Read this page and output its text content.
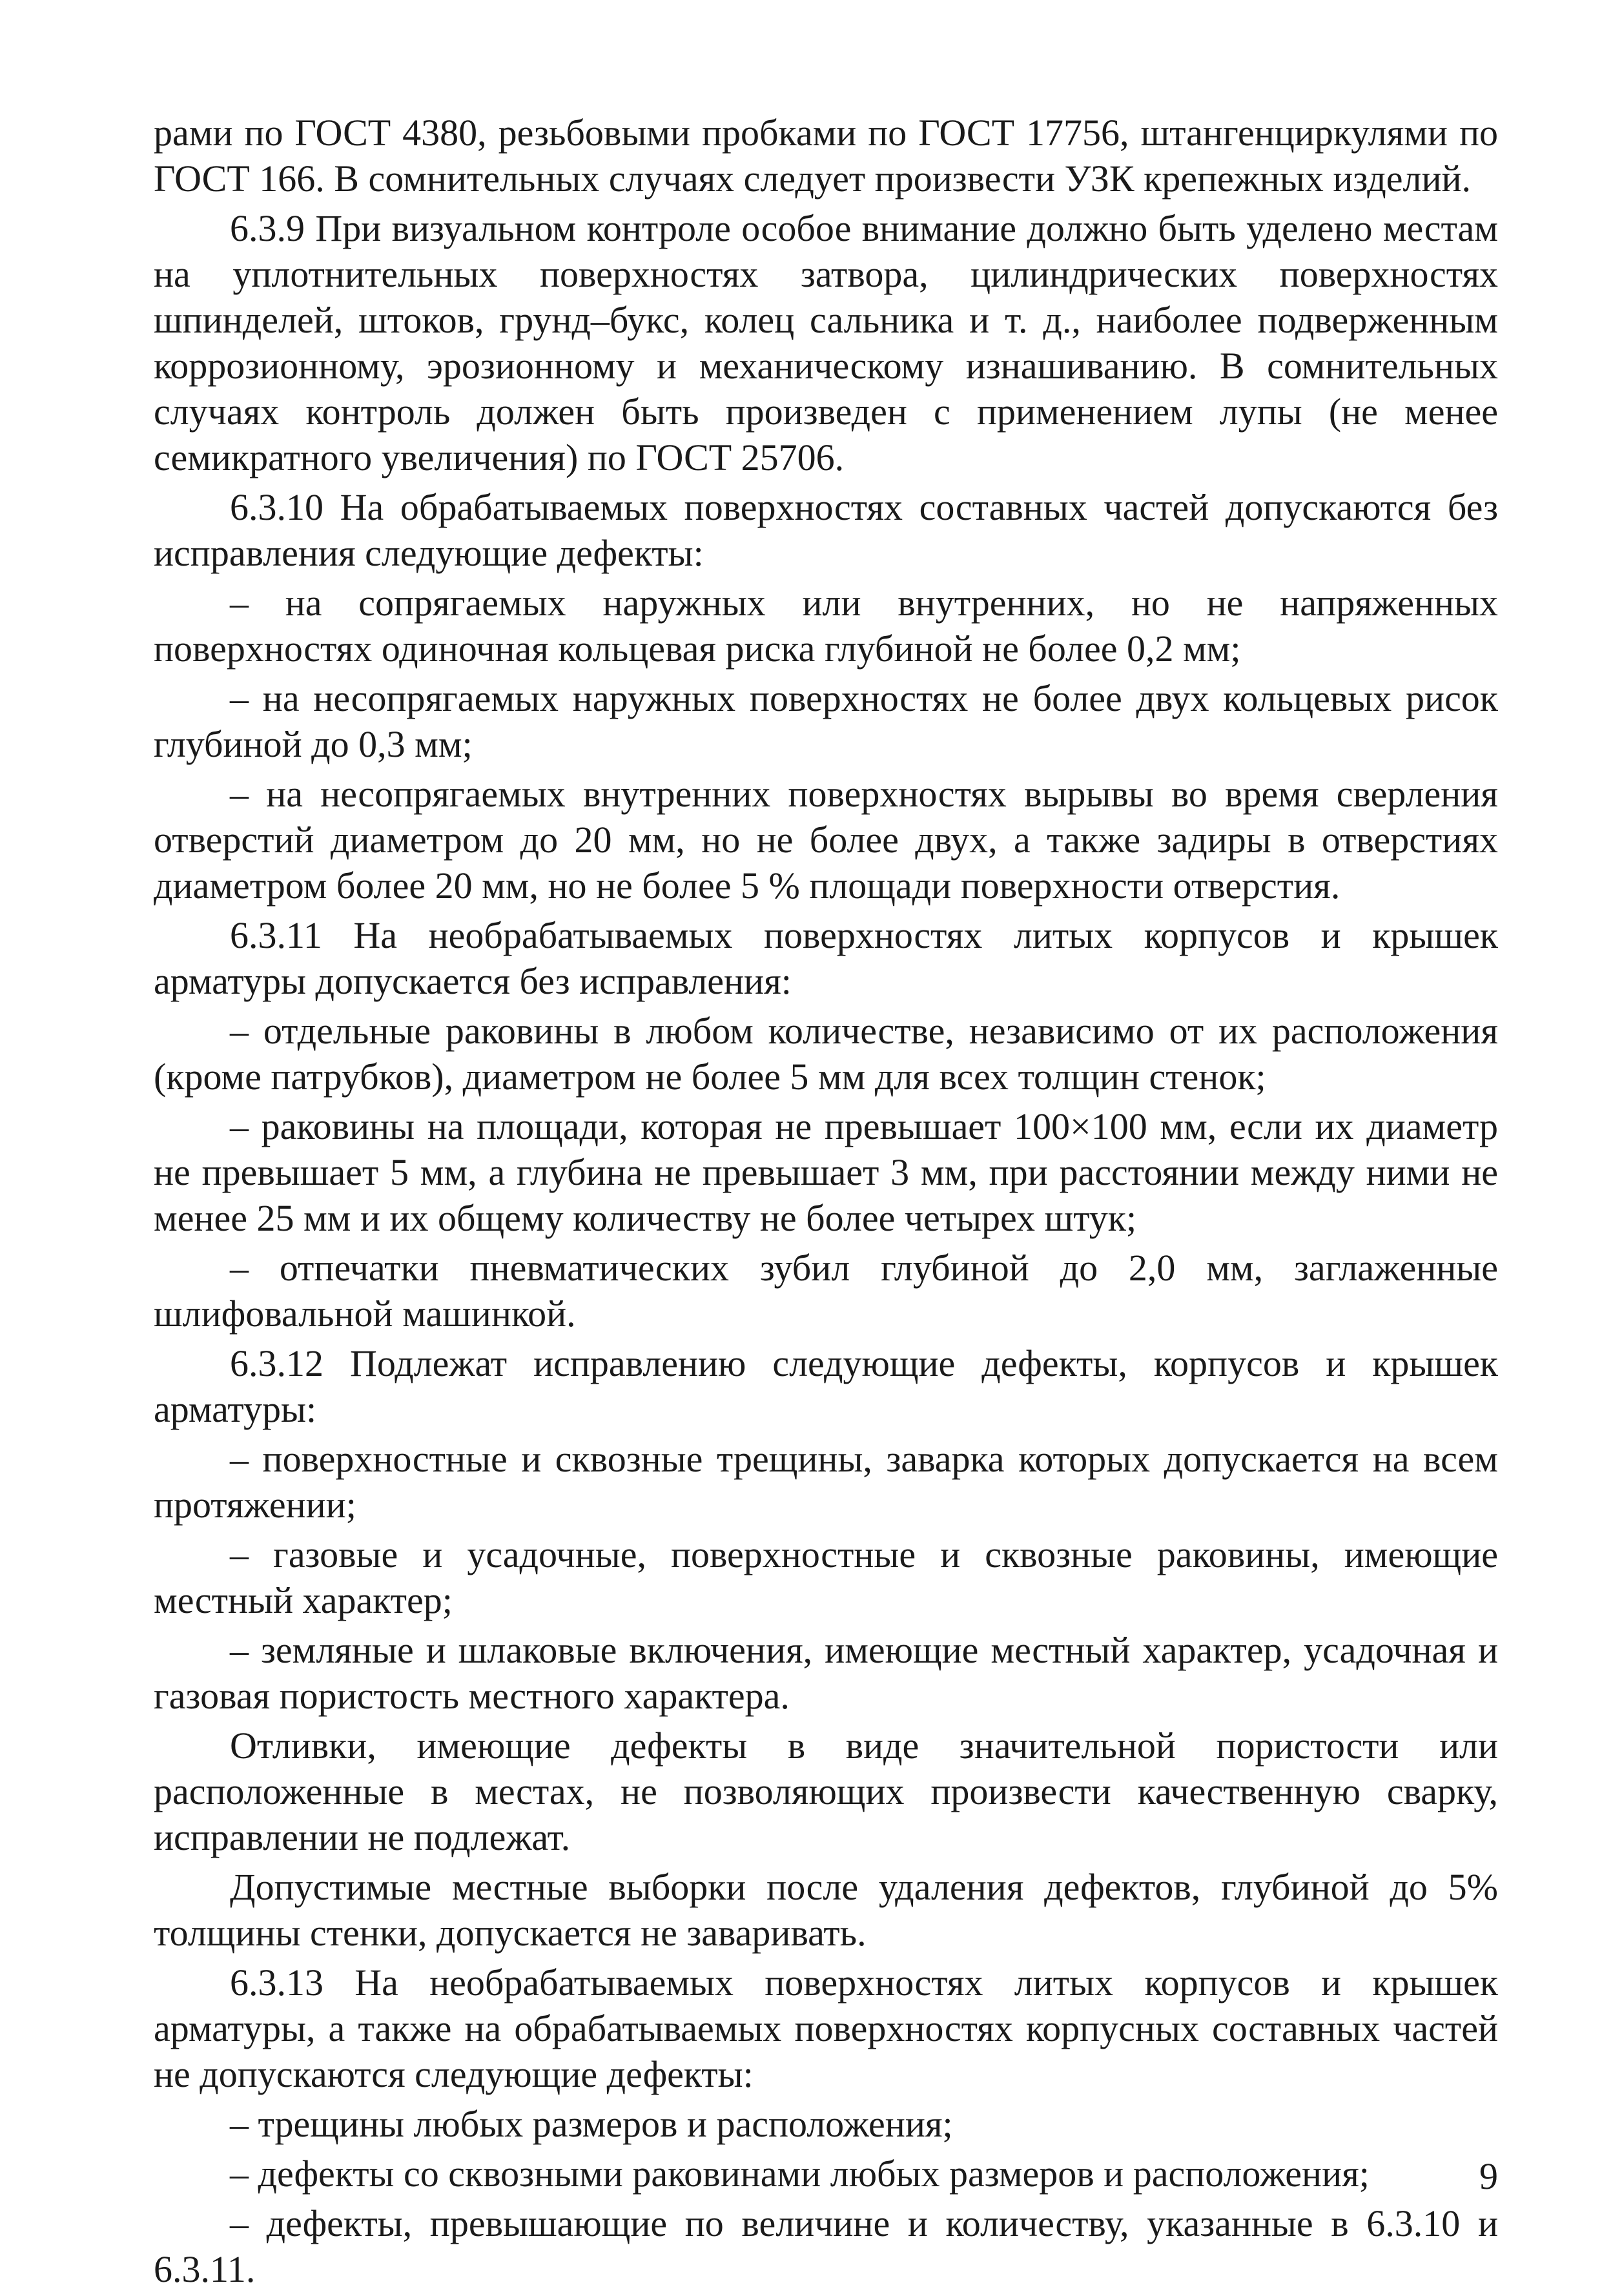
рами по ГОСТ 4380, резьбовыми пробками по ГОСТ 17756, штангенциркулями по ГОСТ 166. В сомнительных случаях следует произвести УЗК крепежных изделий.

6.3.9 При визуальном контроле особое внимание должно быть уделено местам на уплотнительных поверхностях затвора, цилиндрических поверхностях шпинделей, штоков, грунд–букс, колец сальника и т. д., наиболее подверженным коррозионному, эрозионному и механическому изнашиванию. В сомнительных случаях контроль должен быть произведен с применением лупы (не менее семикратного увеличения) по ГОСТ 25706.

6.3.10 На обрабатываемых поверхностях составных частей допускаются без исправления следующие дефекты:

– на сопрягаемых наружных или внутренних, но не напряженных поверхностях одиночная кольцевая риска глубиной не более 0,2 мм;

– на несопрягаемых наружных поверхностях не более двух кольцевых рисок глубиной до 0,3 мм;

– на несопрягаемых внутренних поверхностях вырывы во время сверления отверстий диаметром до 20 мм, но не более двух, а также задиры в отверстиях диаметром более 20 мм, но не более 5 % площади поверхности отверстия.

6.3.11 На необрабатываемых поверхностях литых корпусов и крышек арматуры допускается без исправления:

– отдельные раковины в любом количестве, независимо от их расположения (кроме патрубков), диаметром не более 5 мм для всех толщин стенок;

– раковины на площади, которая не превышает 100×100 мм, если их диаметр не превышает 5 мм, а глубина не превышает 3 мм, при расстоянии между ними не менее 25 мм и их общему количеству не более четырех штук;

– отпечатки пневматических зубил глубиной до 2,0 мм, заглаженные шлифовальной машинкой.

6.3.12 Подлежат исправлению следующие дефекты, корпусов и крышек арматуры:

– поверхностные и сквозные трещины, заварка которых допускается на всем протяжении;

– газовые и усадочные, поверхностные и сквозные раковины, имеющие местный характер;

– земляные и шлаковые включения, имеющие местный характер, усадочная и газовая пористость местного характера.

Отливки, имеющие дефекты в виде значительной пористости или расположенные в местах, не позволяющих произвести качественную сварку, исправлении не подлежат.

Допустимые местные выборки после удаления дефектов, глубиной до 5% толщины стенки, допускается не заваривать.

6.3.13 На необрабатываемых поверхностях литых корпусов и крышек арматуры, а также на обрабатываемых поверхностях корпусных составных частей не допускаются следующие дефекты:

– трещины любых размеров и расположения;

– дефекты со сквозными раковинами любых размеров и расположения;

– дефекты, превышающие по величине и количеству, указанные в 6.3.10 и 6.3.11.

9
